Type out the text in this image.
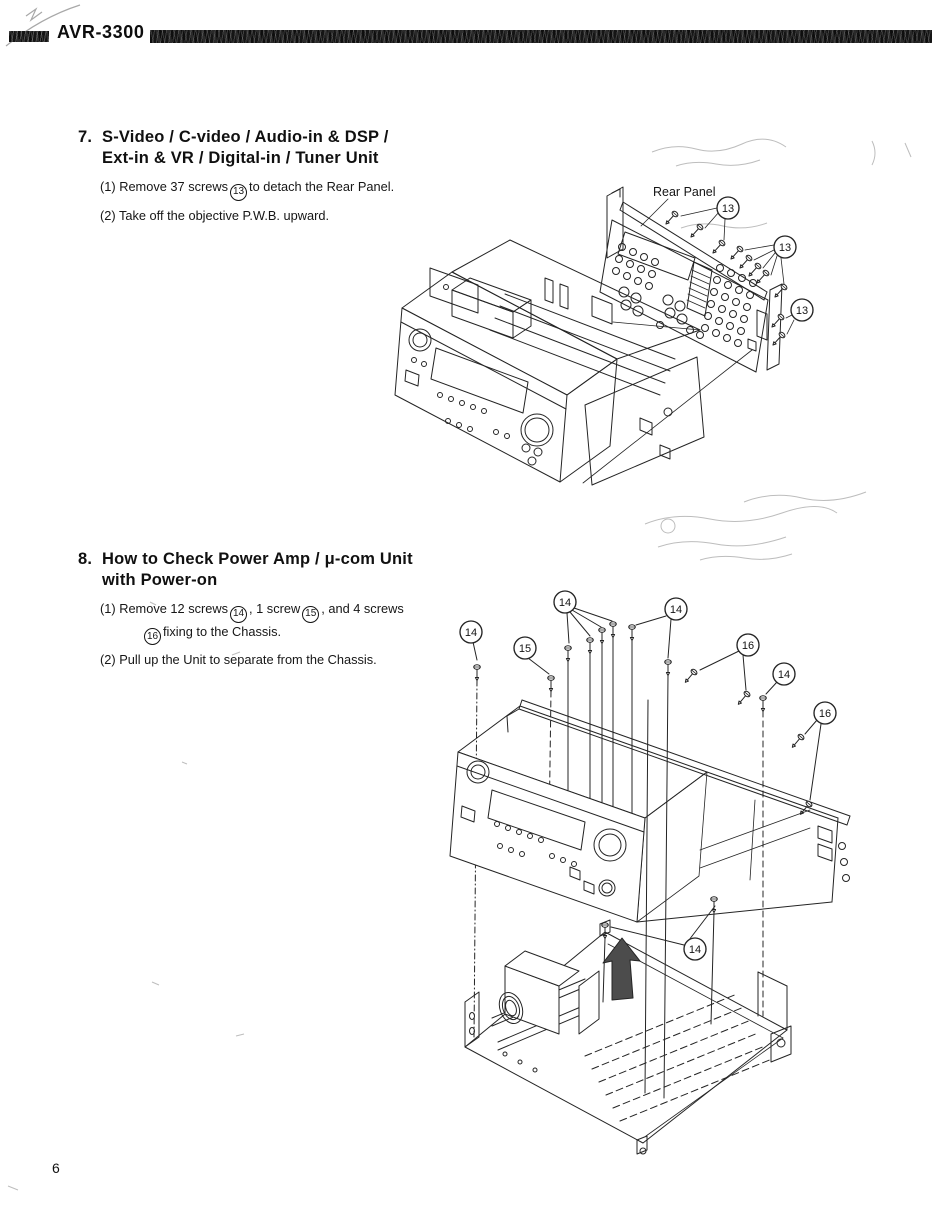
AVR-3300
7. S-Video / C-video / Audio-in & DSP /
Ext-in & VR / Digital-in / Tuner Unit
(1) Remove 37 screws 13 to detach the Rear Panel.
(2) Take off the objective P.W.B. upward.
8. How to Check Power Amp / μ-com Unit
with Power-on
(1) Remove 12 screws 14 , 1 screw 15 , and 4 screws
16 fixing to the Chassis.
(2) Pull up the Unit to separate from the Chassis.
13
13
13
Rear Panel
14
15
14
14
16
14
16
14
6
